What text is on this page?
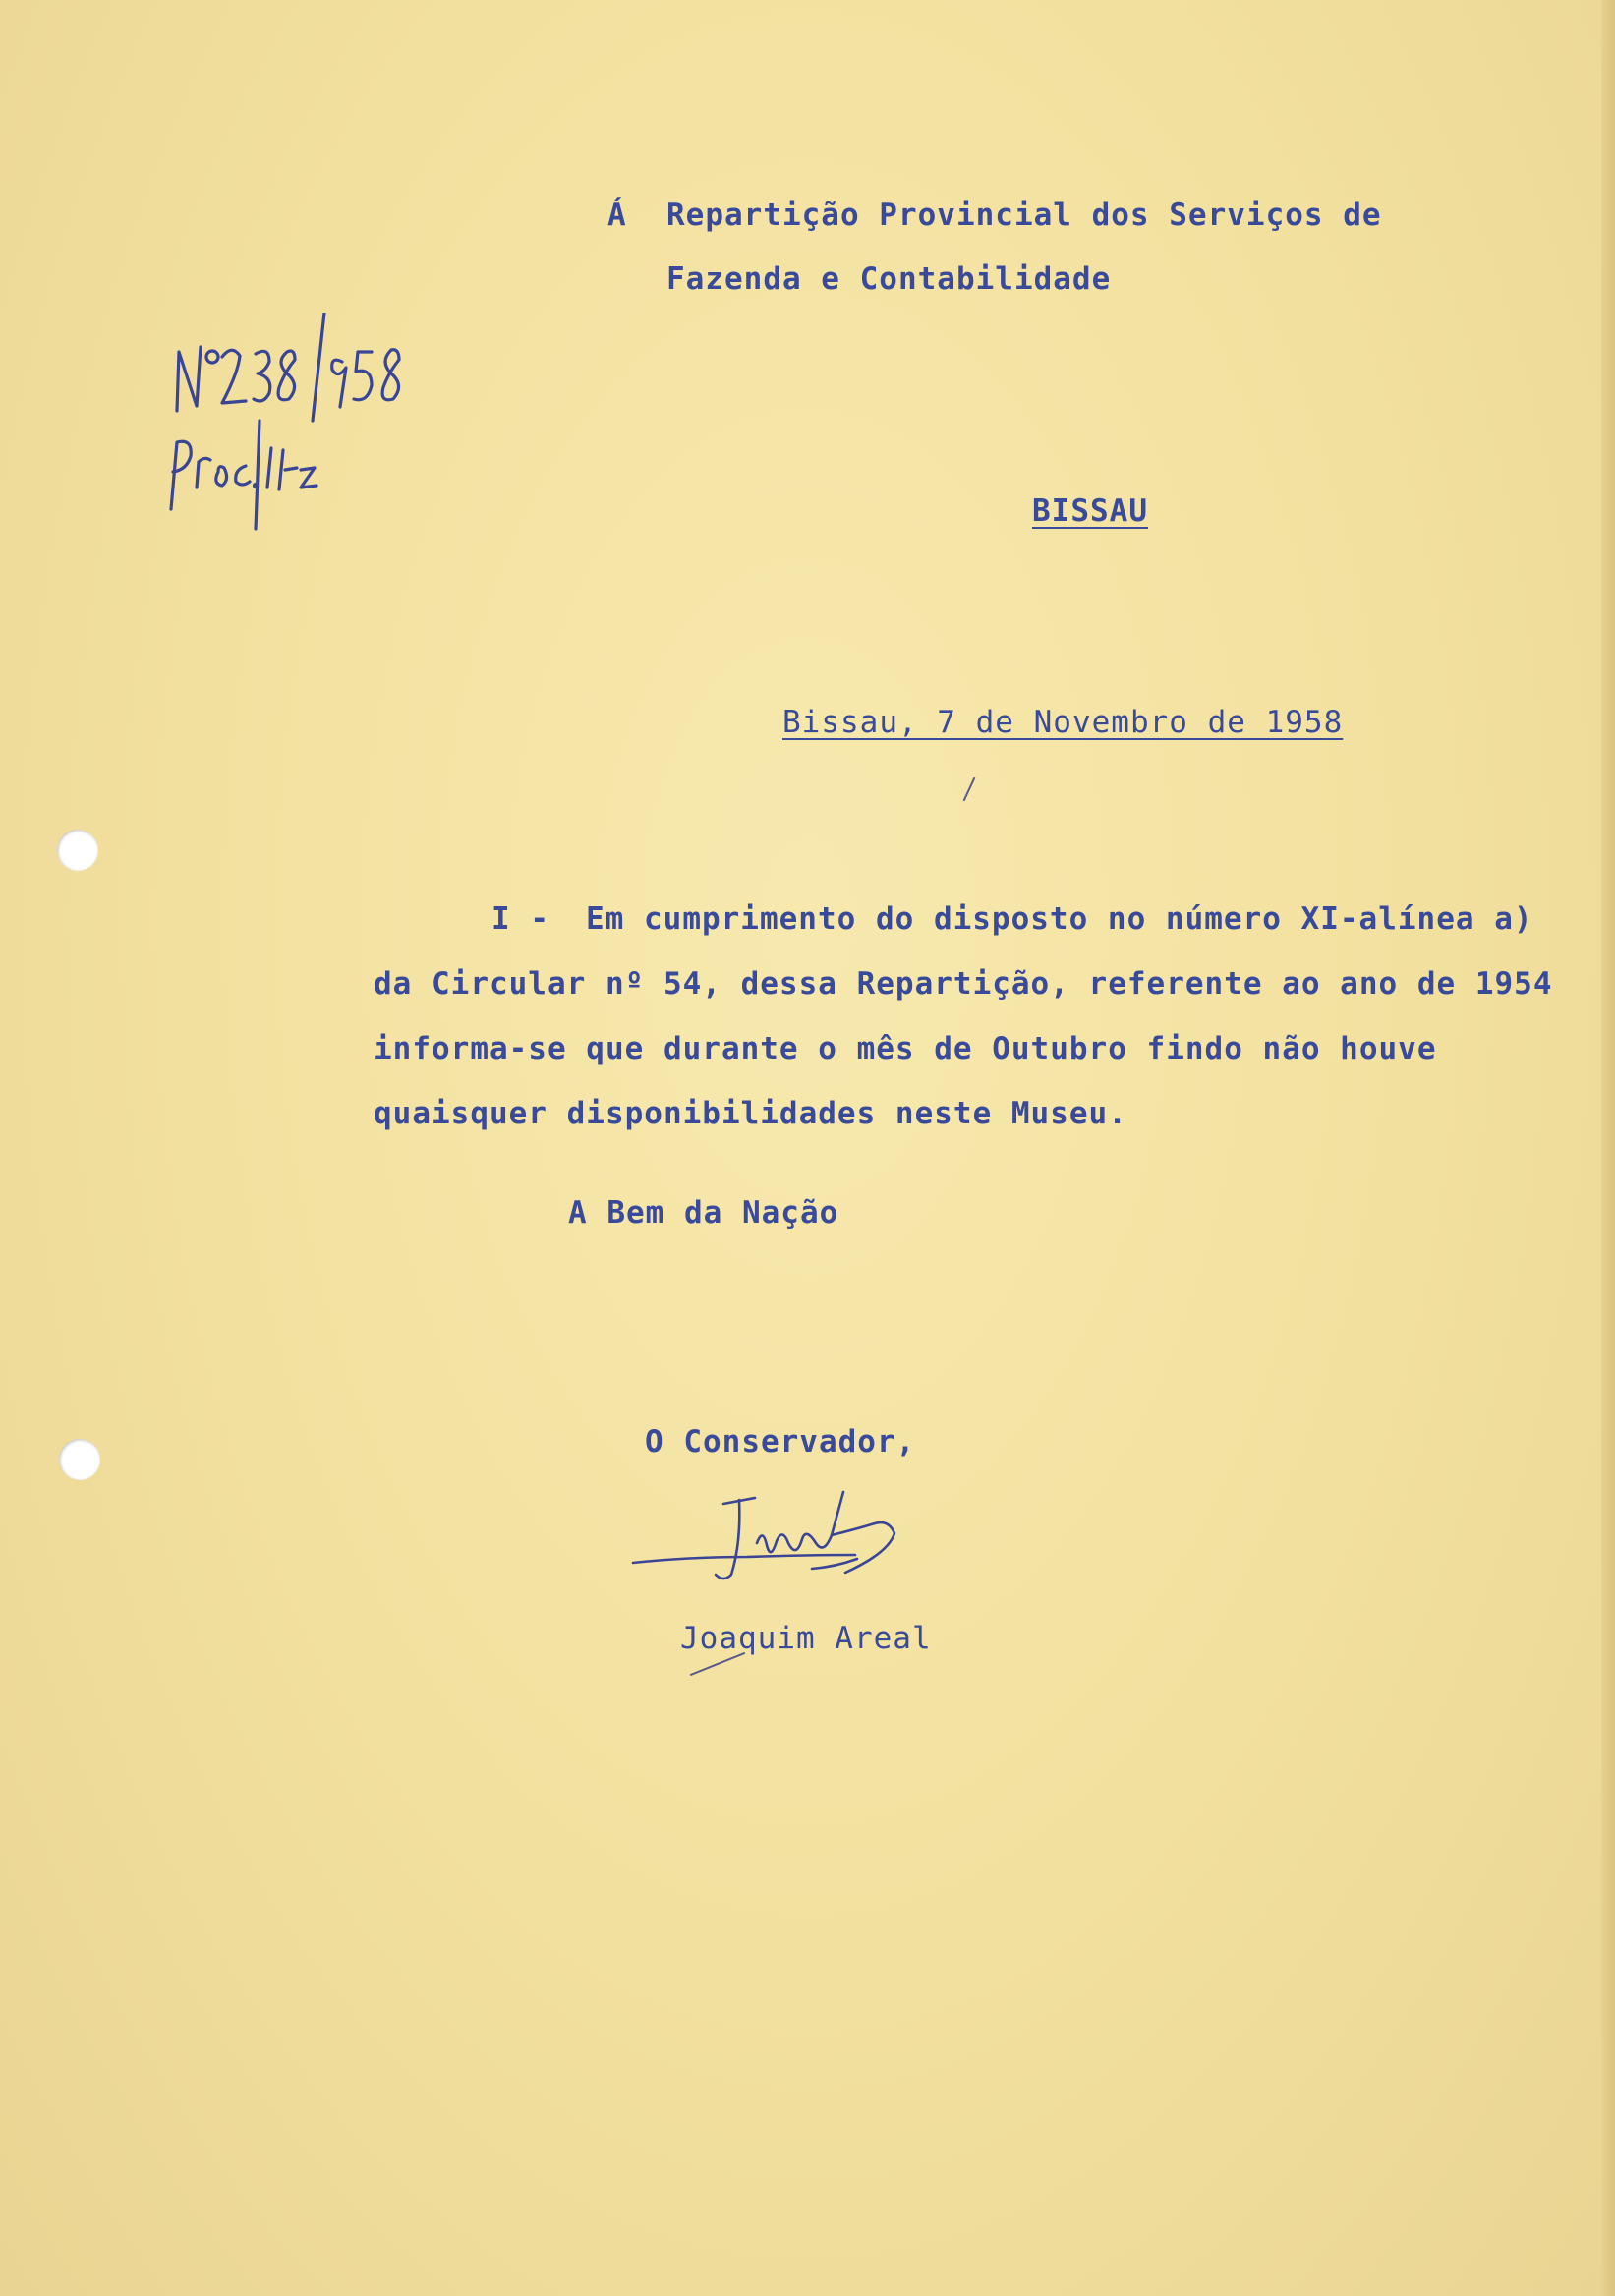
Á Repartição Provincial dos Serviços de
Fazenda e Contabilidade
BISSAU
Bissau, 7 de Novembro de 1958
I - Em cumprimento do disposto no número XI-alínea a)
da Circular nº 54, dessa Repartição, referente ao ano de 1954
informa-se que durante o mês de Outubro findo não houve
quaisquer disponibilidades neste Museu.
A Bem da Nação
O Conservador,
Joaquim Areal
